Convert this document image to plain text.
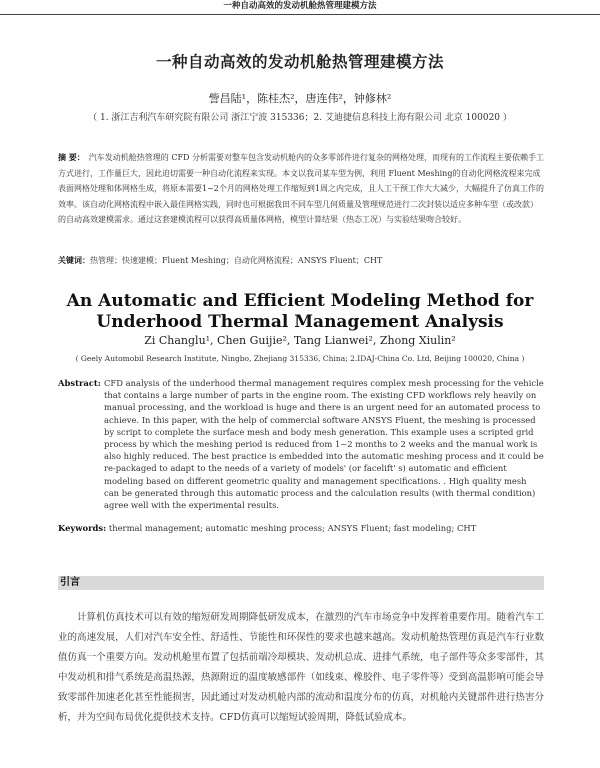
一种自动高效的发动机舱热管理建模方法
一种自动高效的发动机舱热管理建模方法
訾昌陆¹，陈桂杰²，唐连伟²，钟修林²
（ 1. 浙江吉利汽车研究院有限公司 浙江宁波 315336；2. 艾迪捷信息科技上海有限公司 北京 100020 ）
摘 要： 汽车发动机舱热管理的 CFD 分析需要对整车包含发动机舱内的众多零部件进行复杂的网格处理，而现有的工作流程主要依赖手工方式进行，工作量巨大，因此迫切需要一种自动化流程来实现。本文以我司某车型为例，利用 Fluent Meshing的自动化网格流程来完成表面网格处理和体网格生成，将原本需要1~2个月的网格处理工作缩短到1周之内完成，且人工干预工作大大减少，大幅提升了仿真工作的效率。该自动化网格流程中嵌入最佳网格实践，同时也可根据我田不同车型几何质量及管理规范进行二次封装以适应多种车型（或改款）的自动高效建模需求。通过这套建模流程可以获得高质量体网格，模型计算结果（热态工况）与实验结果吻合较好。
关键词：热管理；快速建模；Fluent Meshing；自动化网格流程；ANSYS Fluent；CHT
An Automatic and Efficient Modeling Method for Underhood Thermal Management Analysis
Zi Changlu¹, Chen Guijie², Tang Lianwei², Zhong Xiulin²
( Geely Automobil Research Institute, Ningbo, Zhejiang 315336, China; 2.IDAJ-China Co. Ltd, Beijing 100020, China )
Abstract: CFD analysis of the underhood thermal management requires complex mesh processing for the vehicle that contains a large number of parts in the engine room. The existing CFD workflows rely heavily on manual processing, and the workload is huge and there is an urgent need for an automated process to achieve. In this paper, with the help of commercial software ANSYS Fluent, the meshing is processed by script to complete the surface mesh and body mesh generation. This example uses a scripted grid process by which the meshing period is reduced from 1~2 months to 2 weeks and the manual work is also highly reduced. The best practice is embedded into the automatic meshing process and it could be re-packaged to adapt to the needs of a variety of models' (or facelift' s) automatic and efficient modeling based on different geometric quality and management specifications. . High quality mesh can be generated through this automatic process and the calculation results (with thermal condition) agree well with the experimental results.
Keywords: thermal management; automatic meshing process; ANSYS Fluent; fast modeling; CHT
引言
计算机仿真技术可以有效的缩短研发周期降低研发成本，在激烈的汽车市场竞争中发挥着重要作用。随着汽车工业的高速发展，人们对汽车安全性、舒适性、节能性和环保性的要求也越来越高。发动机舱热管理仿真是汽车行业数值仿真一个重要方向。发动机舱里布置了包括前端冷却模块、发动机总成、进排气系统，电子部件等众多零部件，其中发动机和排气系统是高温热源，热源附近的温度敏感部件（如线束、橡胶件、电子零件等）受到高温影响可能会导致零部件加速老化甚至性能损害，因此通过对发动机舱内部的流动和温度分布的仿真，对机舱内关键部件进行热害分析，并为空间布局优化提供技术支持。CFD仿真可以缩短试验周期，降低试验成本。
